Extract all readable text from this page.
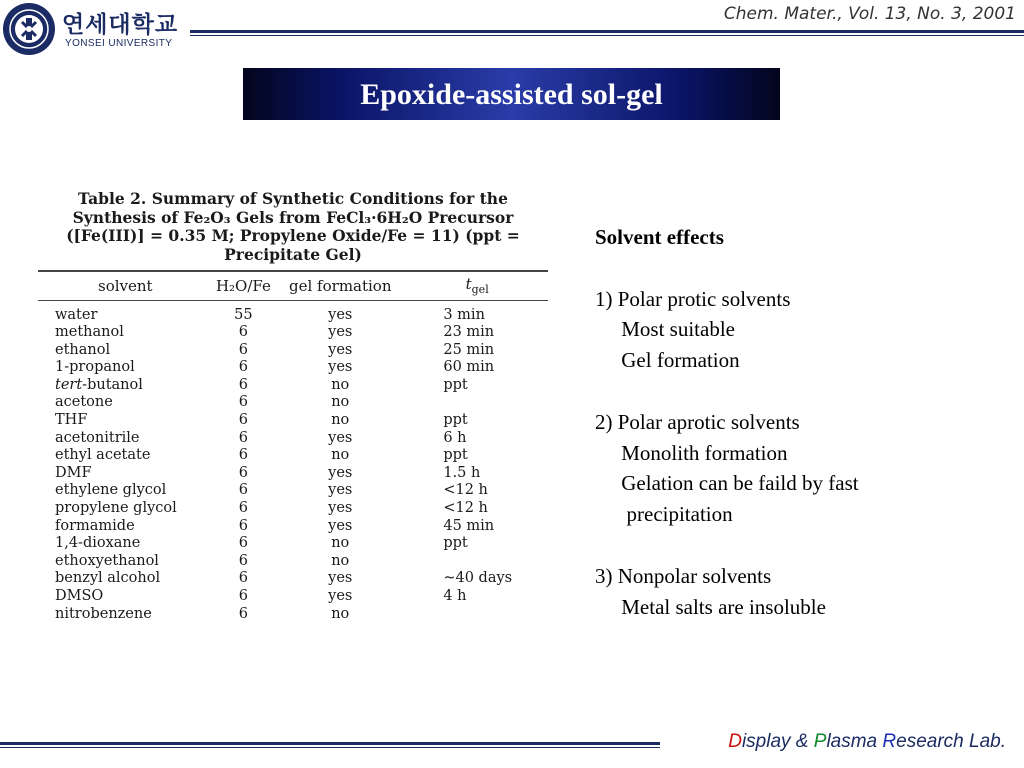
연세대학교
YONSEI UNIVERSITY
Chem. Mater., Vol. 13, No. 3, 2001
Epoxide-assisted sol-gel
Table 2. Summary of Synthetic Conditions for the
Synthesis of Fe₂O₃ Gels from FeCl₃·6H₂O Precursor
([Fe(III)] = 0.35 M; Propylene Oxide/Fe = 11) (ppt =
Precipitate Gel)
solvent	H₂O/Fe	gel formation	$t_{gel}$

water	55	yes	3 min
methanol	6	yes	23 min
ethanol	6	yes	25 min
1-propanol	6	yes	60 min
tert-butanol	6	no	ppt
acetone	6	no	
THF	6	no	ppt
acetonitrile	6	yes	6 h
ethyl acetate	6	no	ppt
DMF	6	yes	1.5 h
ethylene glycol	6	yes	<12 h
propylene glycol	6	yes	<12 h
formamide	6	yes	45 min
1,4-dioxane	6	no	ppt
ethoxyethanol	6	no	
benzyl alcohol	6	yes	~40 days
DMSO	6	yes	4 h
nitrobenzene	6	no	
Solvent effects
1) Polar protic solvents
Most suitable
Gel formation
2) Polar aprotic solvents
Monolith formation
Gelation can be faild by fast
precipitation
3) Nonpolar solvents
Metal salts are insoluble
Display & Plasma Research Lab.
